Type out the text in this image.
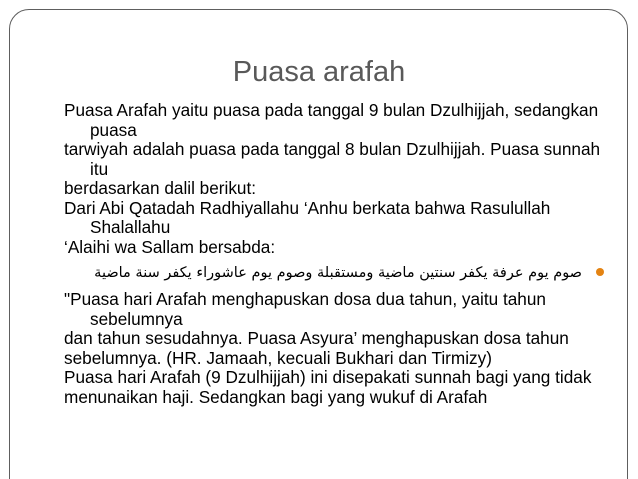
Puasa arafah

Puasa Arafah yaitu puasa pada tanggal 9 bulan Dzulhijjah, sedangkan puasa

tarwiyah adalah puasa pada tanggal 8 bulan Dzulhijjah. Puasa sunnah itu

berdasarkan dalil berikut:

Dari Abi Qatadah Radhiyallahu ‘Anhu berkata bahwa Rasulullah Shalallahu

‘Alaihi wa Sallam bersabda:

صوم يوم عرفة يكفر سنتين ماضية ومستقبلة وصوم يوم عاشوراء يكفر سنة ماضية

"Puasa hari Arafah menghapuskan dosa dua tahun, yaitu tahun sebelumnya

dan tahun sesudahnya. Puasa Asyura’ menghapuskan dosa tahun

sebelumnya. (HR. Jamaah, kecuali Bukhari dan Tirmizy)

Puasa hari Arafah (9 Dzulhijjah) ini disepakati sunnah bagi yang tidak

menunaikan haji. Sedangkan bagi yang wukuf di Arafah
